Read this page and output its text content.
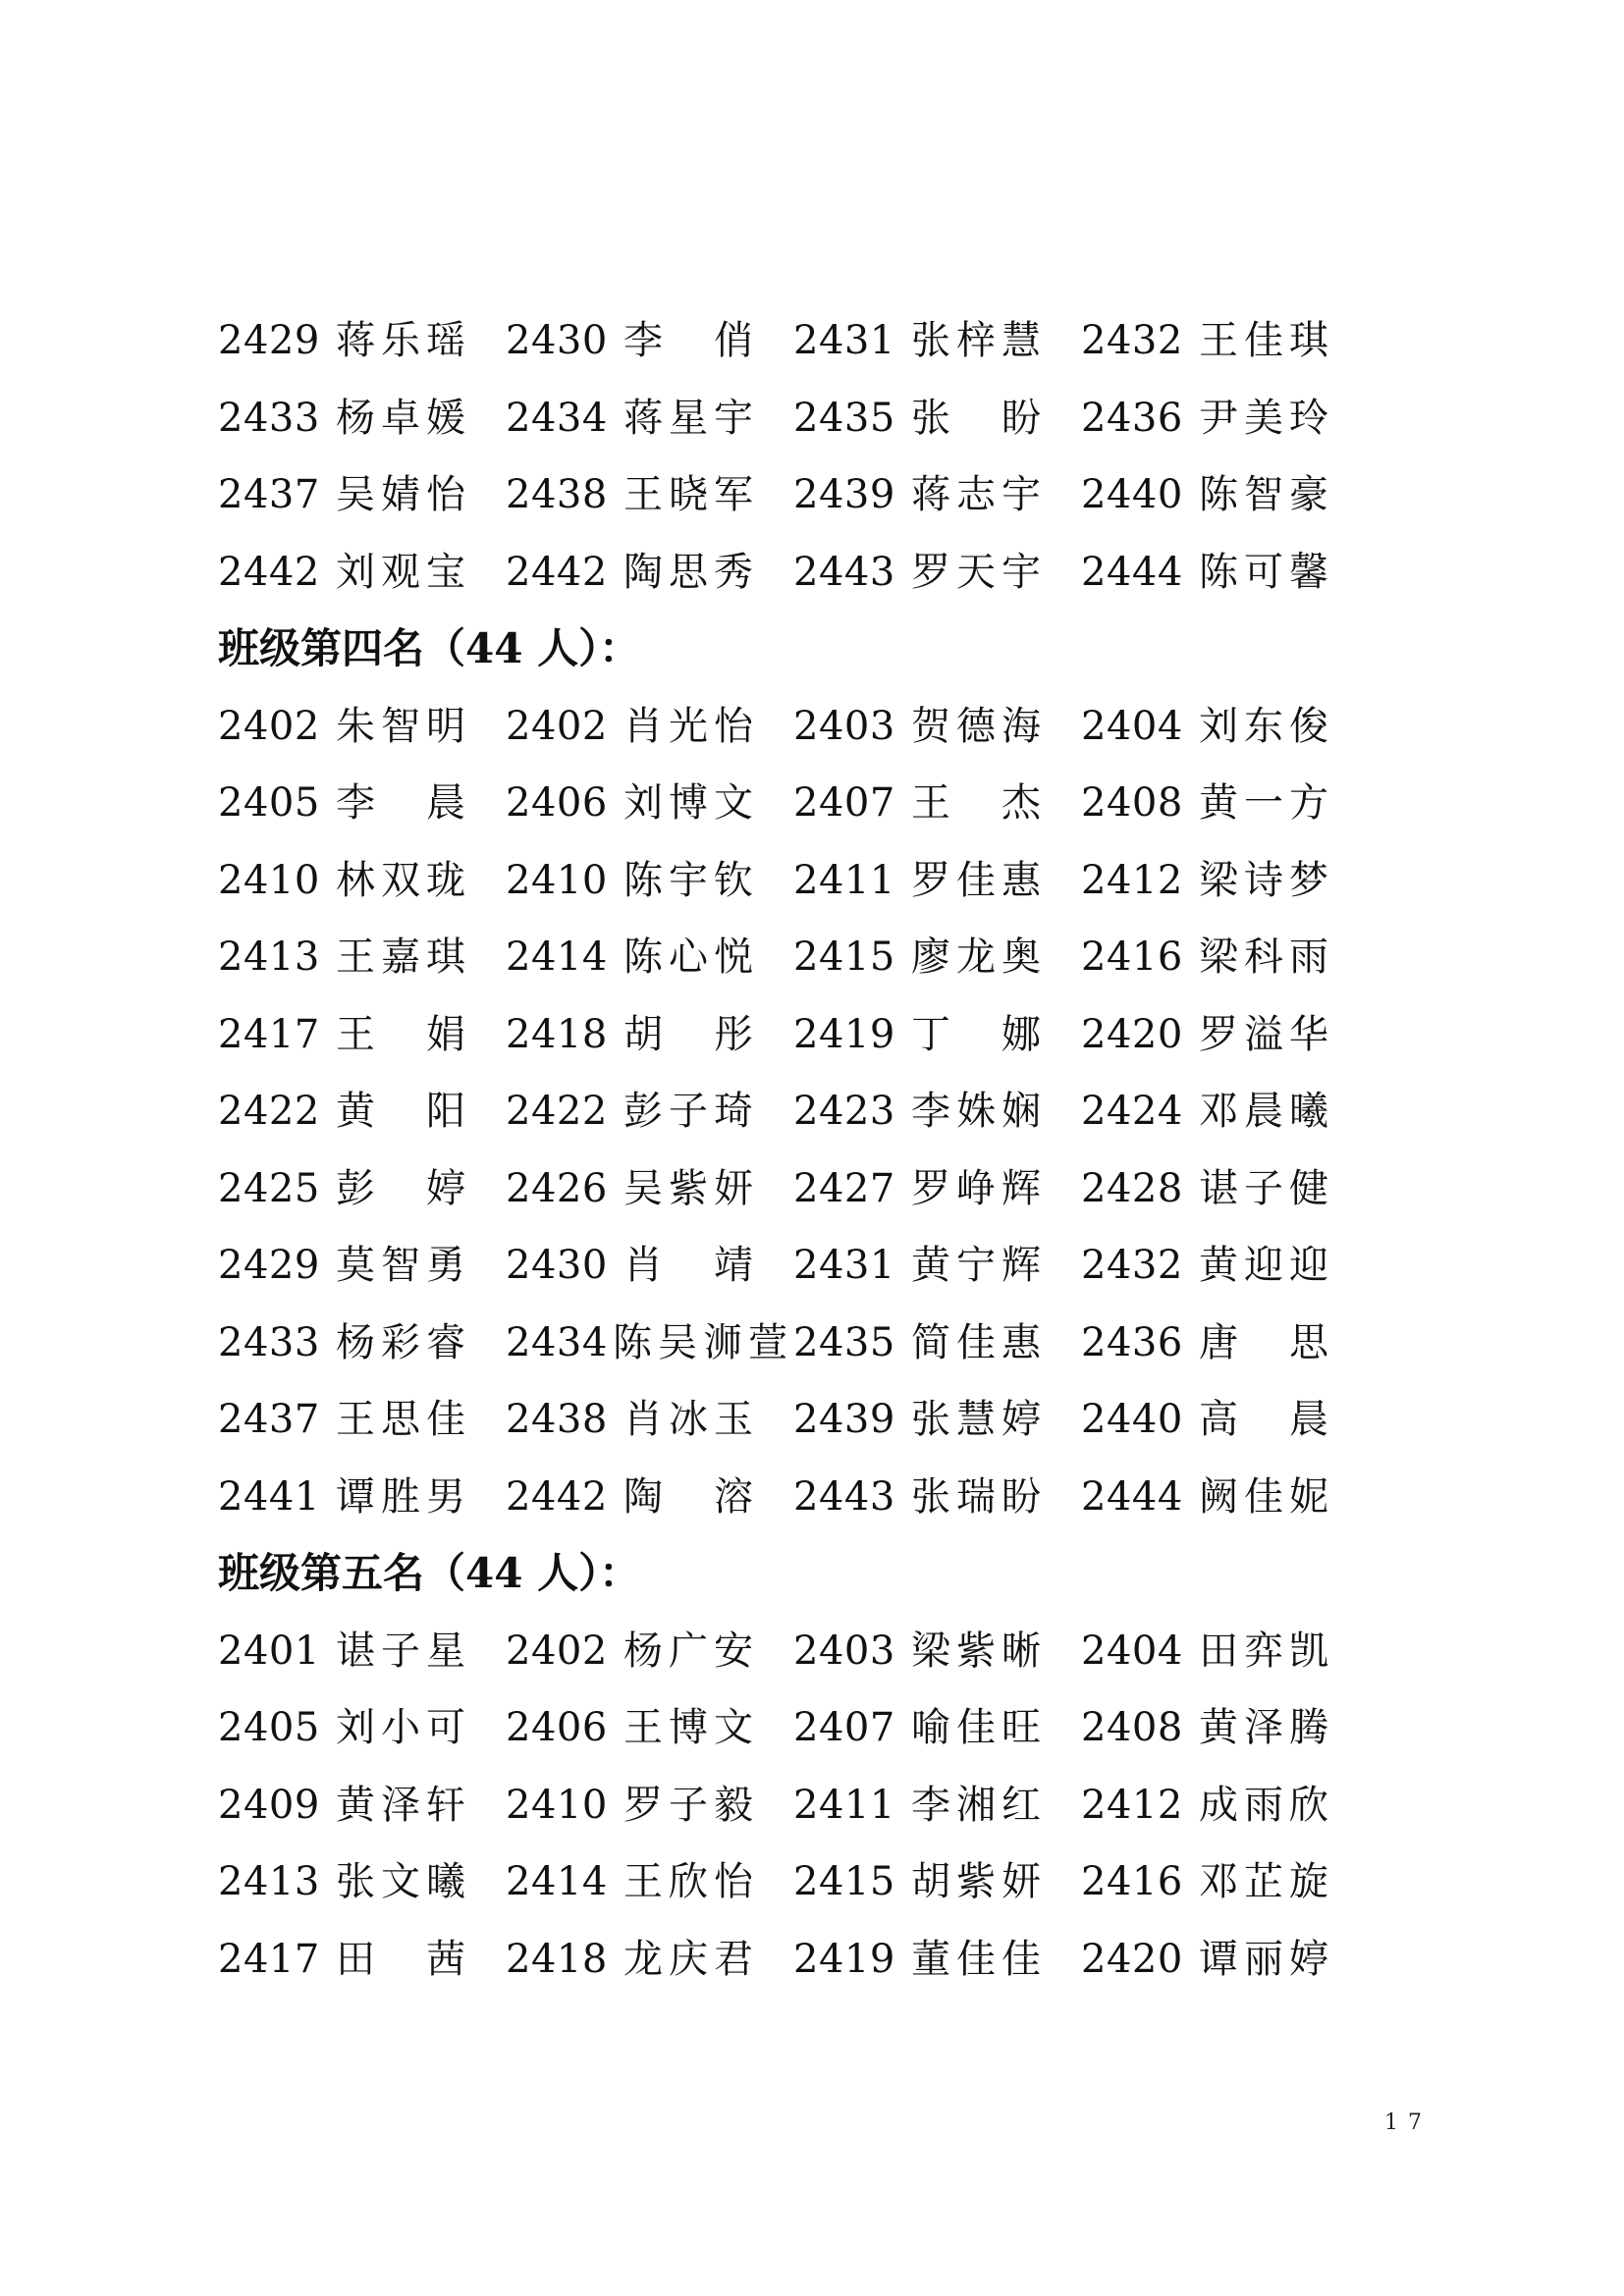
2429 蒋乐瑶 2430 李　俏 2431 张梓慧 2432 王佳琪
2433 杨卓媛 2434 蒋星宇 2435 张　盼 2436 尹美玲
2437 吴婧怡 2438 王晓军 2439 蒋志宇 2440 陈智豪
2442 刘观宝 2442 陶思秀 2443 罗天宇 2444 陈可馨
班级第四名（44 人）：
2402 朱智明 2402 肖光怡 2403 贺德海 2404 刘东俊
2405 李　晨 2406 刘博文 2407 王　杰 2408 黄一方
2410 林双珑 2410 陈宇钦 2411 罗佳惠 2412 梁诗梦
2413 王嘉琪 2414 陈心悦 2415 廖龙奥 2416 梁科雨
2417 王　娟 2418 胡　彤 2419 丁　娜 2420 罗溢华
2422 黄　阳 2422 彭子琦 2423 李姝娴 2424 邓晨曦
2425 彭　婷 2426 吴紫妍 2427 罗峥辉 2428 谌子健
2429 莫智勇 2430 肖　靖 2431 黄宁辉 2432 黄迎迎
2433 杨彩睿 2434 陈吴浉萱 2435 简佳惠 2436 唐　思
2437 王思佳 2438 肖冰玉 2439 张慧婷 2440 高　晨
2441 谭胜男 2442 陶　溶 2443 张瑞盼 2444 阙佳妮
班级第五名（44 人）：
2401 谌子星 2402 杨广安 2403 梁紫晰 2404 田弈凯
2405 刘小可 2406 王博文 2407 喻佳旺 2408 黄泽腾
2409 黄泽轩 2410 罗子毅 2411 李湘红 2412 成雨欣
2413 张文曦 2414 王欣怡 2415 胡紫妍 2416 邓芷旋
2417 田　茜 2418 龙庆君 2419 董佳佳 2420 谭丽婷
17
